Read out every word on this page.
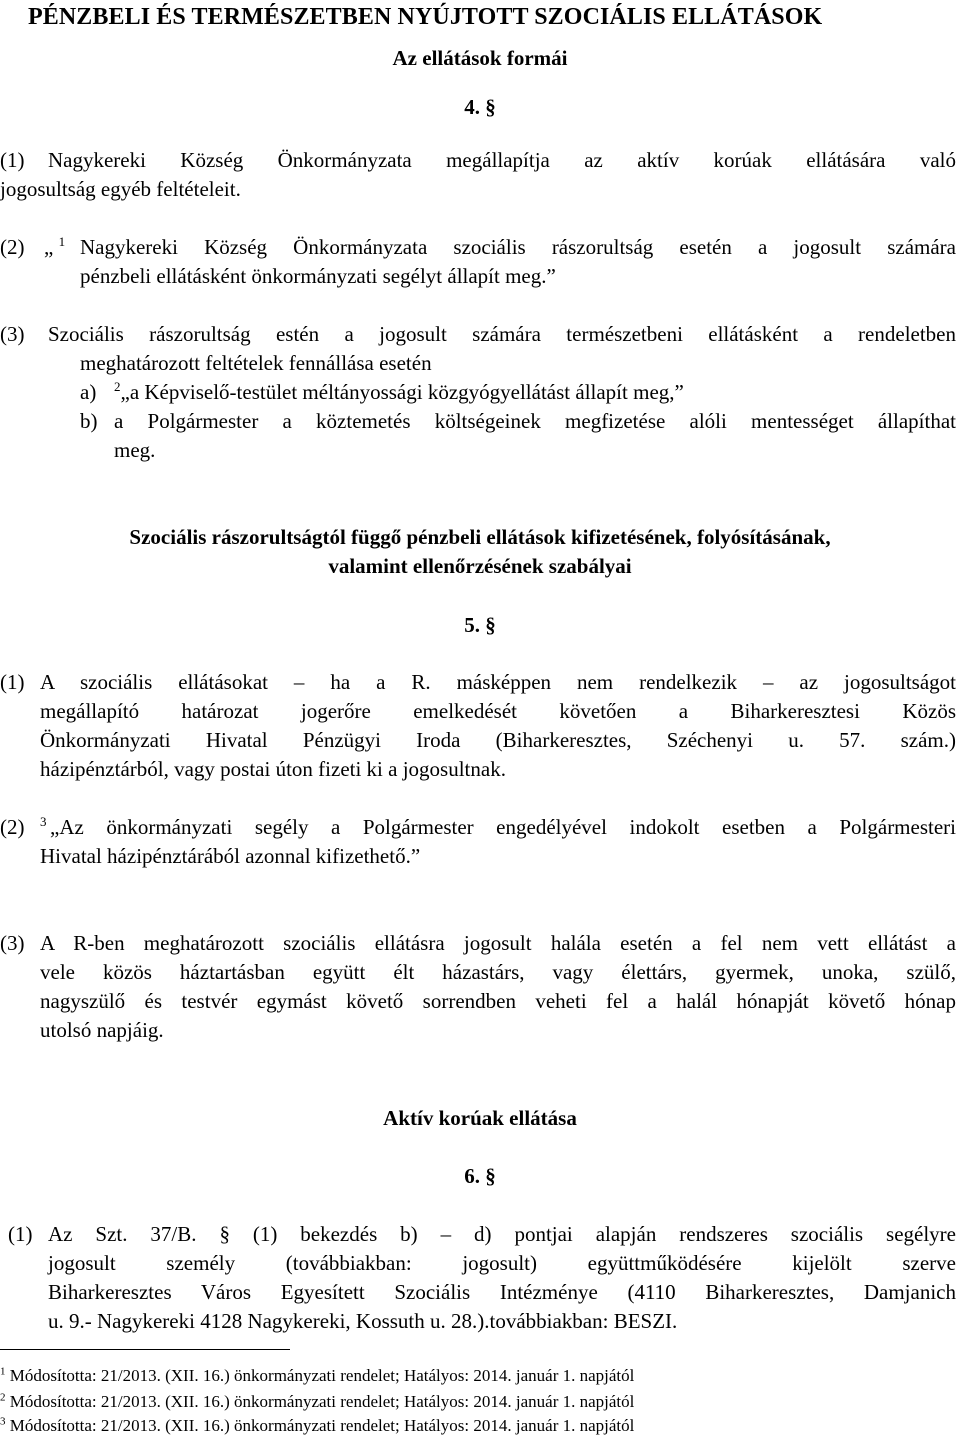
PÉNZBELI ÉS TERMÉSZETBEN NYÚJTOTT SZOCIÁLIS ELLÁTÁSOK
Az ellátások formái
4. §
(1) Nagykereki Község Önkormányzata megállapítja az aktív korúak ellátására való
jogosultság egyéb feltételeit.
(2) „ $^1$ Nagykereki Község Önkormányzata szociális rászorultság esetén a jogosult számára
pénzbeli ellátásként önkormányzati segélyt állapít meg.”
(3) Szociális rászorultság estén a jogosult számára természetbeni ellátásként a rendeletben
meghatározott feltételek fennállása esetén
a) $^2$„a Képviselő-testület méltányossági közgyógyellátást állapít meg,”
b) a Polgármester a köztemetés költségeinek megfizetése alóli mentességet állapíthat
meg.
Szociális rászorultságtól függő pénzbeli ellátások kifizetésének, folyósításának,
valamint ellenőrzésének szabályai
5. §
(1) A szociális ellátásokat – ha a R. másképpen nem rendelkezik – az jogosultságot
megállapító határozat jogerőre emelkedését követően a Biharkeresztesi Közös
Önkormányzati Hivatal Pénzügyi Iroda (Biharkeresztes, Széchenyi u. 57. szám.)
házipénztárból, vagy postai úton fizeti ki a jogosultnak.
(2) $^3$ „Az önkormányzati segély a Polgármester engedélyével indokolt esetben a Polgármesteri
Hivatal házipénztárából azonnal kifizethető.”
(3) A R-ben meghatározott szociális ellátásra jogosult halála esetén a fel nem vett ellátást a
vele közös háztartásban együtt élt házastárs, vagy élettárs, gyermek, unoka, szülő,
nagyszülő és testvér egymást követő sorrendben veheti fel a halál hónapját követő hónap
utolsó napjáig.
Aktív korúak ellátása
6. §
(1) Az Szt. 37/B. § (1) bekezdés b) – d) pontjai alapján rendszeres szociális segélyre
jogosult személy (továbbiakban: jogosult) együttműködésére kijelölt szerve
Biharkeresztes Város Egyesített Szociális Intézménye (4110 Biharkeresztes, Damjanich
u. 9.- Nagykereki 4128 Nagykereki, Kossuth u. 28.).továbbiakban: BESZI.
$^1$ Módosította: 21/2013. (XII. 16.) önkormányzati rendelet; Hatályos: 2014. január 1. napjától
$^2$ Módosította: 21/2013. (XII. 16.) önkormányzati rendelet; Hatályos: 2014. január 1. napjától
$^3$ Módosította: 21/2013. (XII. 16.) önkormányzati rendelet; Hatályos: 2014. január 1. napjától
